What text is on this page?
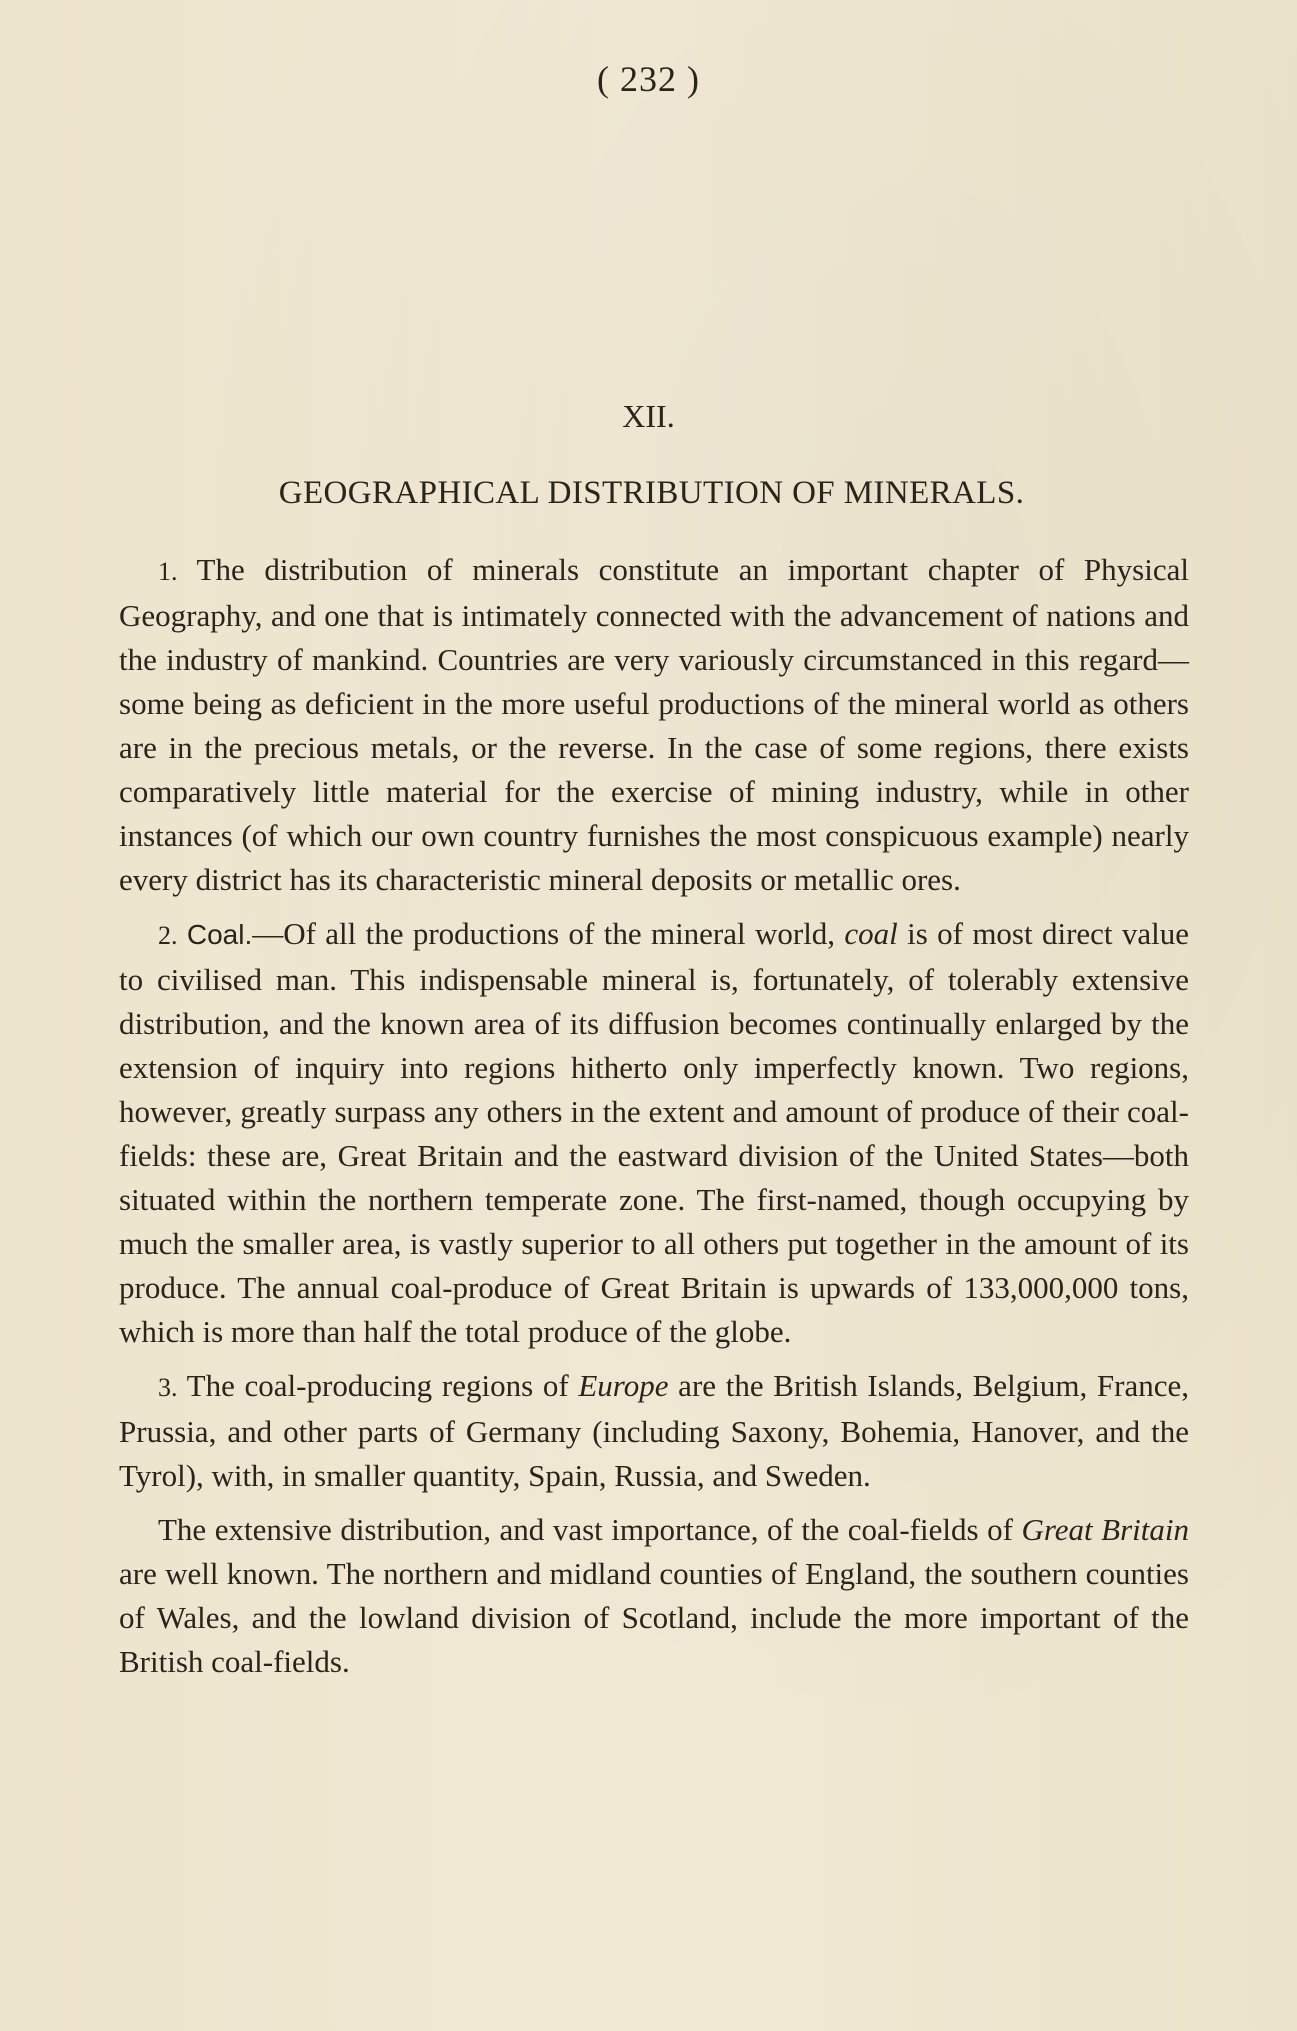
( 232 )
XII.
GEOGRAPHICAL DISTRIBUTION OF MINERALS.

1. The distribution of minerals constitute an important chapter of Physical Geography, and one that is intimately connected with the advancement of nations and the industry of mankind. Countries are very variously circumstanced in this regard—some being as deficient in the more useful productions of the mineral world as others are in the precious metals, or the reverse. In the case of some regions, there exists comparatively little material for the exercise of mining industry, while in other instances (of which our own country furnishes the most conspicuous example) nearly every district has its characteristic mineral deposits or metallic ores.

2. Coal.—Of all the productions of the mineral world, coal is of most direct value to civilised man. This indispensable mineral is, fortunately, of tolerably extensive distribution, and the known area of its diffusion becomes continually enlarged by the extension of inquiry into regions hitherto only imperfectly known. Two regions, however, greatly surpass any others in the extent and amount of produce of their coal-fields: these are, Great Britain and the eastward division of the United States—both situated within the northern temperate zone. The first-named, though occupying by much the smaller area, is vastly superior to all others put together in the amount of its produce. The annual coal-produce of Great Britain is upwards of 133,000,000 tons, which is more than half the total produce of the globe.

3. The coal-producing regions of Europe are the British Islands, Belgium, France, Prussia, and other parts of Germany (including Saxony, Bohemia, Hanover, and the Tyrol), with, in smaller quantity, Spain, Russia, and Sweden.

The extensive distribution, and vast importance, of the coal-fields of Great Britain are well known. The northern and midland counties of England, the southern counties of Wales, and the lowland division of Scotland, include the more important of the British coal-fields.
